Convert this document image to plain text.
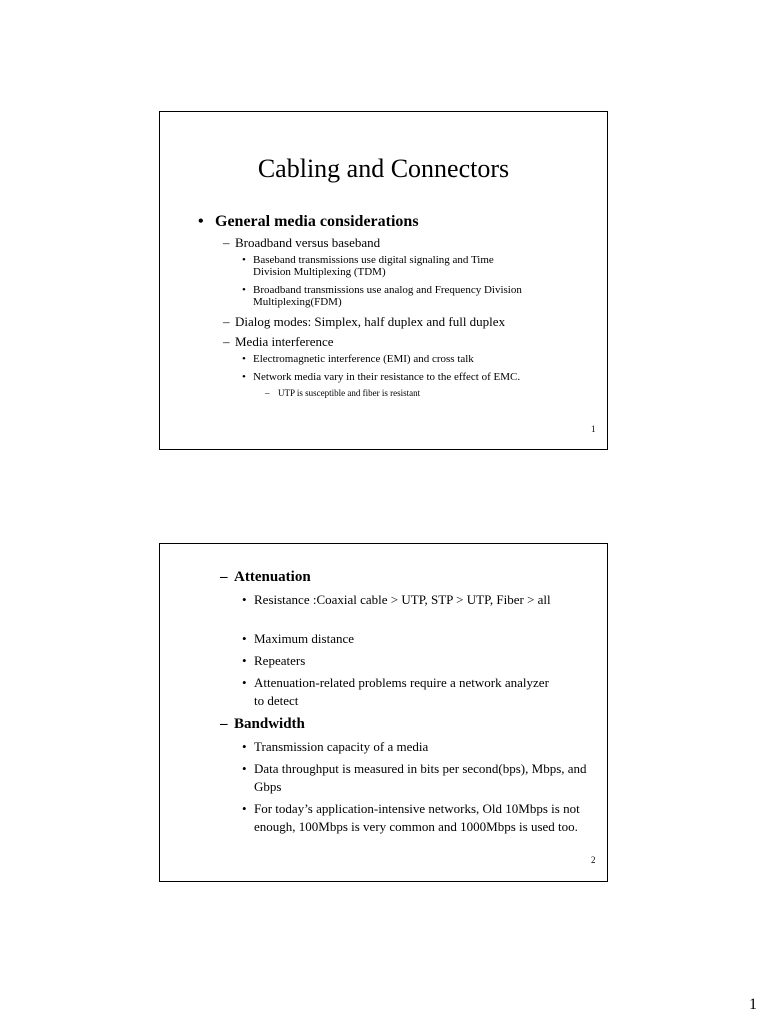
Cabling and Connectors
• General media considerations
– Broadband versus baseband
• Baseband transmissions use digital signaling and Time
Division Multiplexing (TDM)
• Broadband transmissions use analog and Frequency Division
Multiplexing(FDM)
– Dialog modes: Simplex, half duplex and full duplex
– Media interference
• Electromagnetic interference (EMI) and cross talk
• Network media vary in their resistance to the effect of EMC.
– UTP is susceptible and fiber is resistant
1
– Attenuation
• Resistance :Coaxial cable > UTP, STP > UTP, Fiber > all
• Maximum distance
• Repeaters
• Attenuation-related problems require a network analyzer to detect
– Bandwidth
• Transmission capacity of a media
• Data throughput is measured in bits per second(bps), Mbps, and Gbps
• For today’s application-intensive networks, Old 10Mbps is not enough, 100Mbps is very common and 1000Mbps is used too.
2
1
